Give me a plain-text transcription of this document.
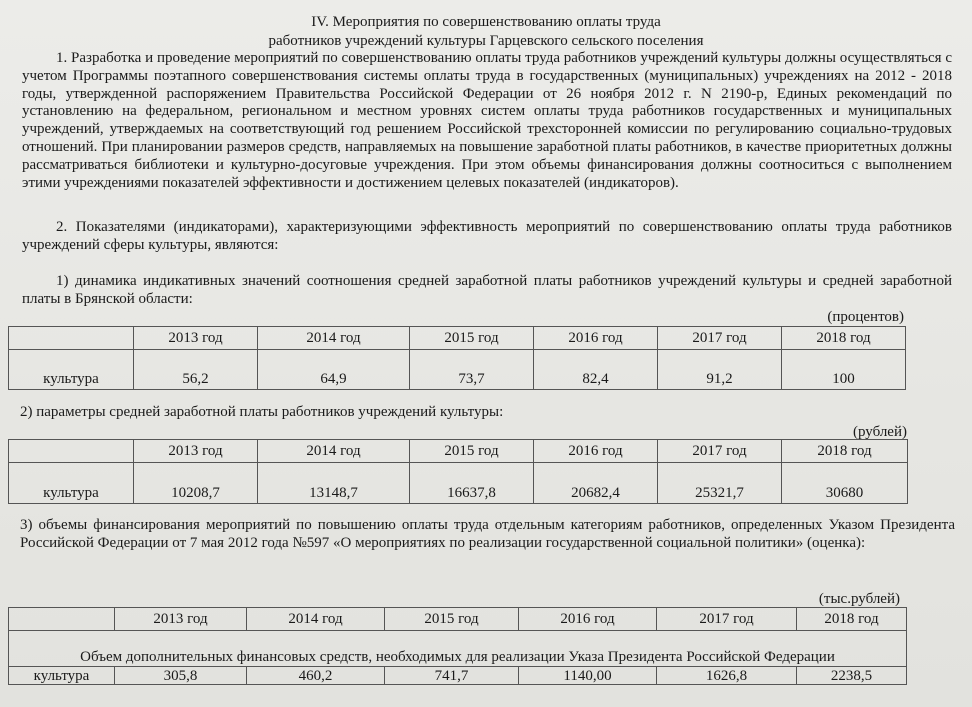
IV. Мероприятия по совершенствованию оплаты труда
работников учреждений культуры Гарцевского сельского поселения
1. Разработка и проведение мероприятий по совершенствованию оплаты труда работников учреждений культуры должны осуществляться с учетом Программы поэтапного совершенствования системы оплаты труда в государственных (муниципальных) учреждениях на 2012 - 2018 годы, утвержденной распоряжением Правительства Российской Федерации от 26 ноября 2012 г. N 2190-р, Единых рекомендаций по установлению на федеральном, региональном и местном уровнях систем оплаты труда работников государственных и муниципальных учреждений, утверждаемых на соответствующий год решением Российской трехсторонней комиссии по регулированию социально-трудовых отношений. При планировании размеров средств, направляемых на повышение заработной платы работников, в качестве приоритетных должны рассматриваться библиотеки и культурно-досуговые учреждения. При этом объемы финансирования должны соотноситься с выполнением этими учреждениями показателей эффективности и достижением целевых показателей (индикаторов).
2. Показателями (индикаторами), характеризующими эффективность мероприятий по совершенствованию оплаты труда работников учреждений сферы культуры, являются:
1) динамика индикативных значений соотношения средней заработной платы работников учреждений культуры и средней заработной платы в Брянской области:
(процентов)
	2013 год	2014 год	2015 год	2016 год	2017 год	2018 год
культура	56,2	64,9	73,7	82,4	91,2	100
2) параметры средней заработной платы работников учреждений культуры:
(рублей)
	2013 год	2014 год	2015 год	2016 год	2017 год	2018 год
культура	10208,7	13148,7	16637,8	20682,4	25321,7	30680
3) объемы финансирования мероприятий по повышению оплаты труда отдельным категориям работников, определенных Указом Президента Российской Федерации от 7 мая 2012 года №597 «О мероприятиях по реализации государственной социальной политики» (оценка):
(тыс.рублей)
	2013 год	2014 год	2015 год	2016 год	2017 год	2018 год
Объем дополнительных финансовых средств, необходимых для реализации Указа Президента Российской Федерации						
культура	305,8	460,2	741,7	1140,00	1626,8	2238,5
